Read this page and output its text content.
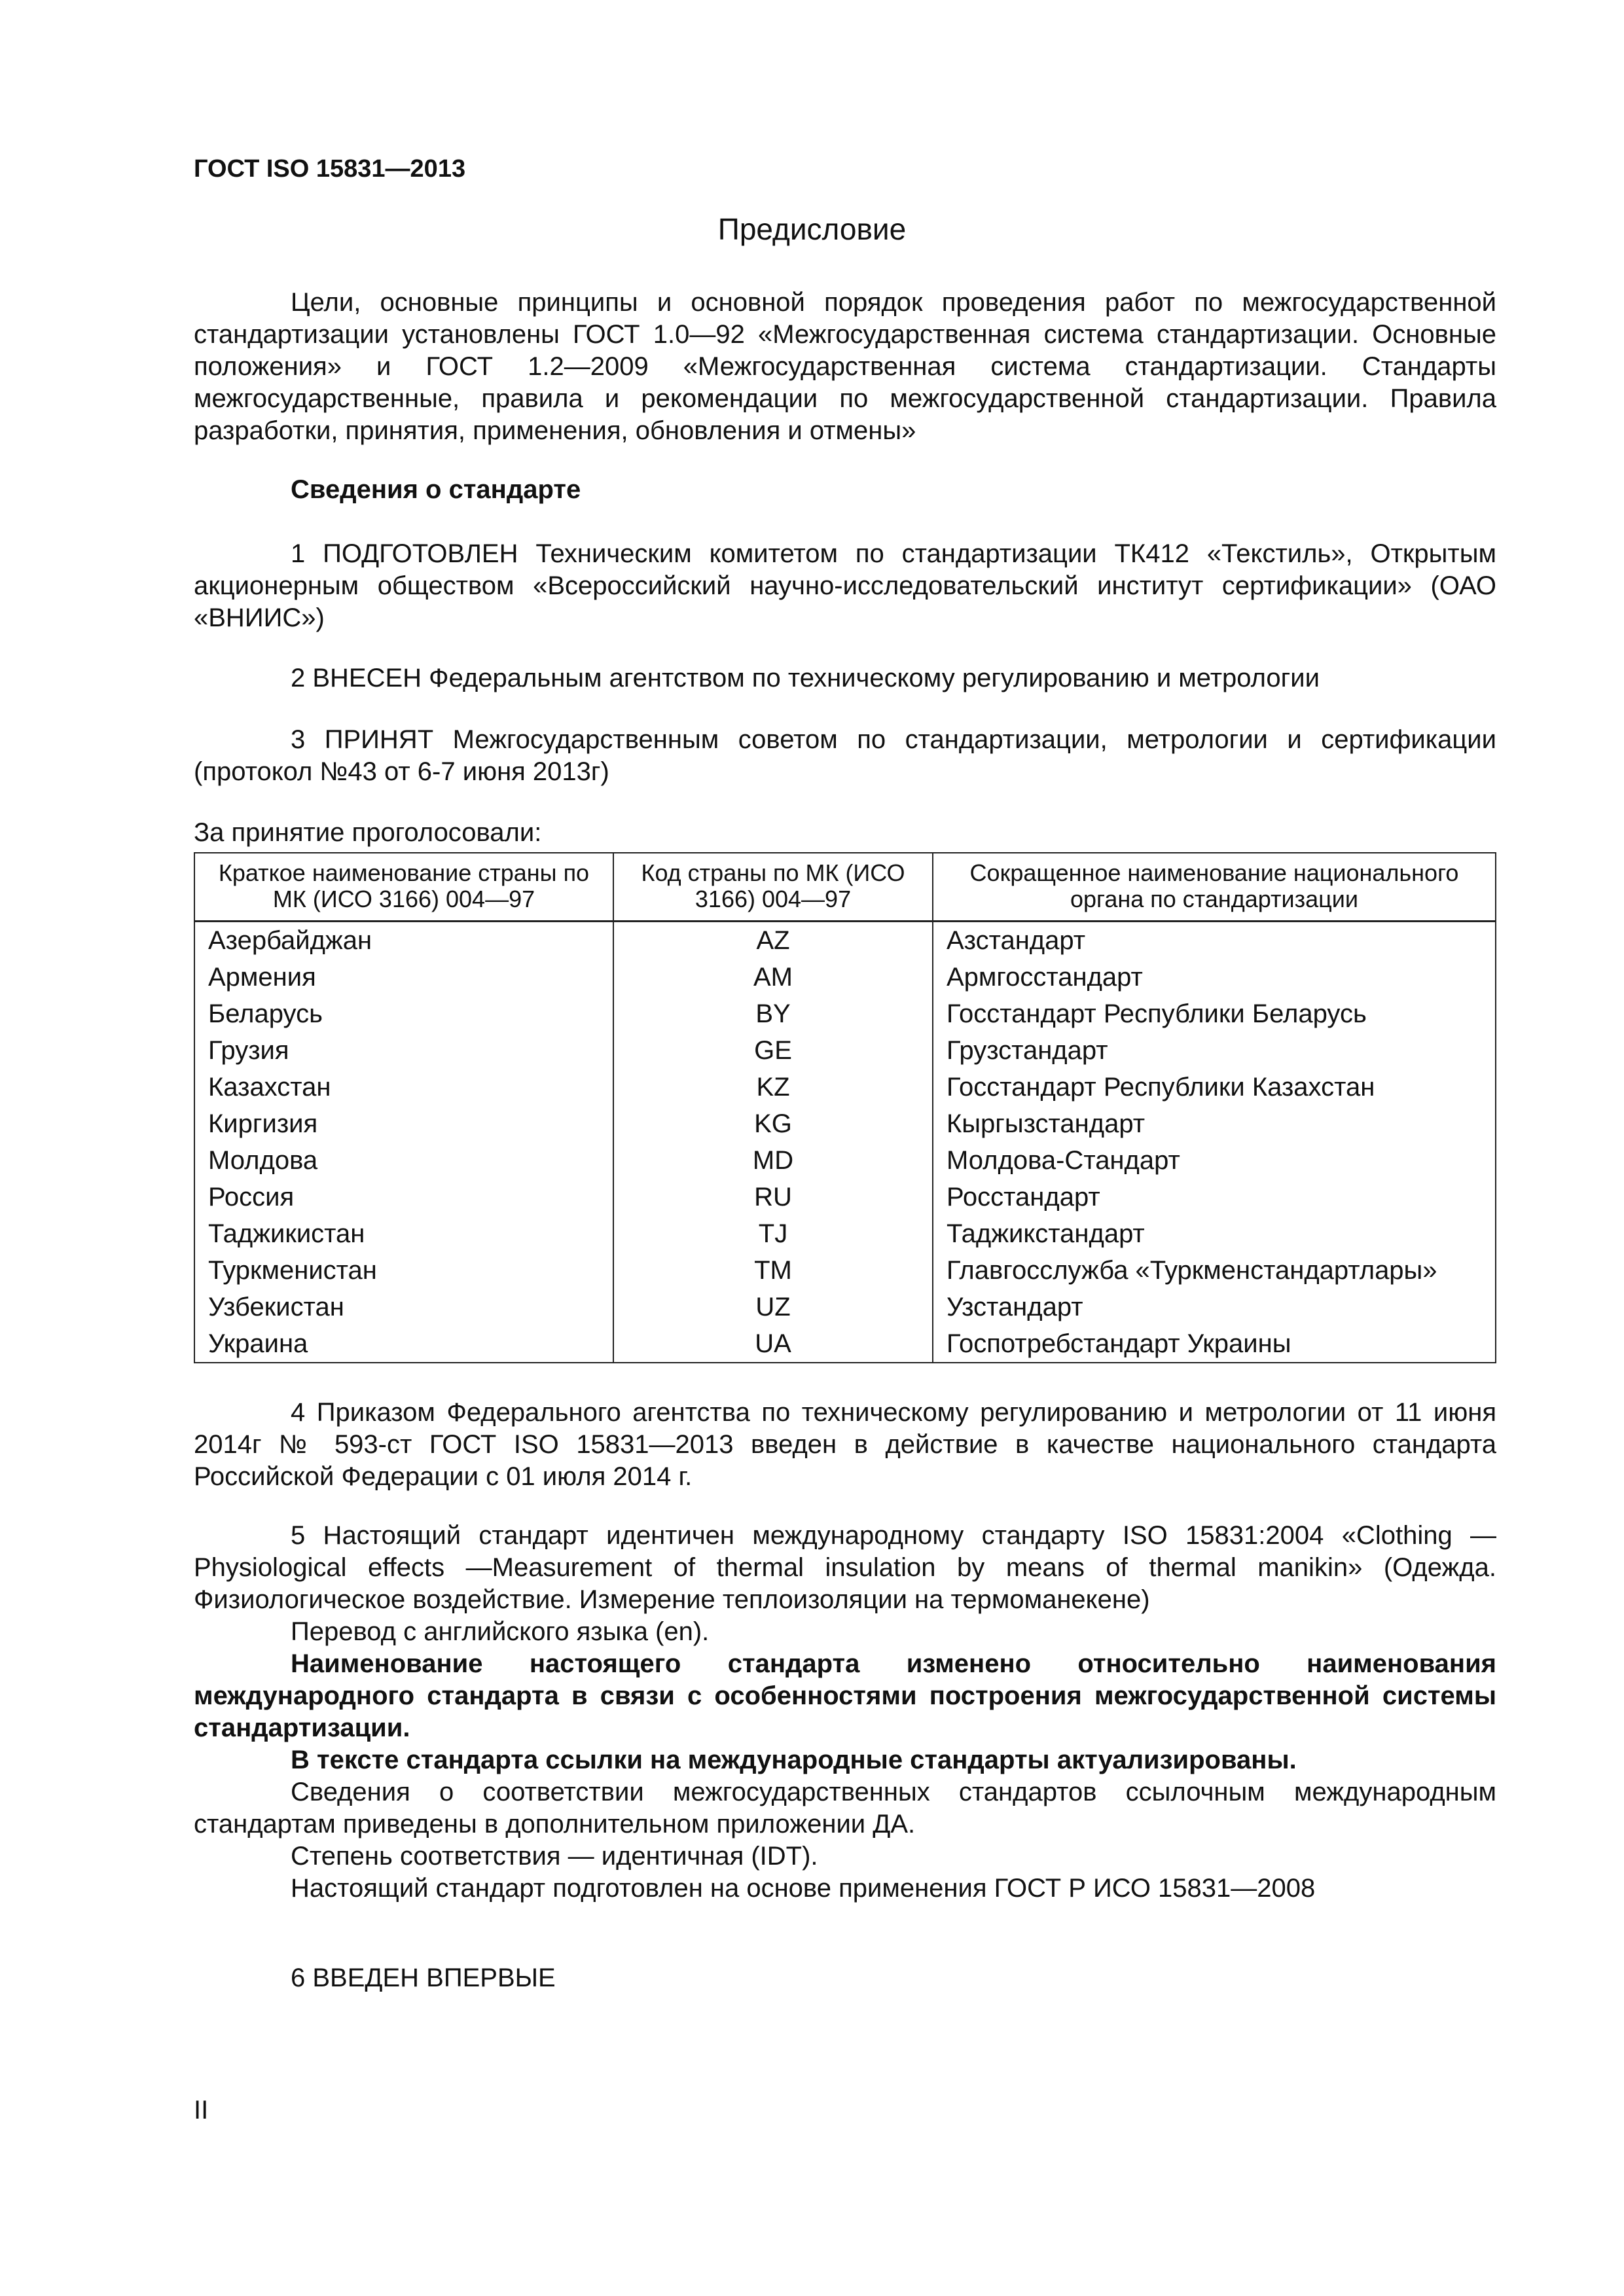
ГОСТ ISO 15831—2013
Предисловие
Цели, основные принципы и основной порядок проведения работ по межгосударственной стандартизации установлены ГОСТ 1.0—92 «Межгосударственная система стандартизации. Основные положения» и ГОСТ 1.2—2009 «Межгосударственная система стандартизации. Стандарты межгосударственные, правила и рекомендации по межгосударственной стандартизации. Правила разработки, принятия, применения, обновления и отмены»
Сведения о стандарте
1 ПОДГОТОВЛЕН Техническим комитетом по стандартизации ТК412 «Текстиль», Открытым акционерным обществом «Всероссийский научно-исследовательский институт сертификации» (ОАО «ВНИИС»)
2 ВНЕСЕН Федеральным агентством по техническому регулированию и метрологии
3 ПРИНЯТ Межгосударственным советом по стандартизации, метрологии и сертификации (протокол №43 от 6-7 июня 2013г)
За принятие проголосовали:
Краткое наименование страны по МК (ИСО 3166) 004—97	Код страны по МК (ИСО 3166) 004—97	Сокращенное наименование национального органа по стандартизации
Азербайджан	AZ	Азстандарт
Армения	AM	Армгосстандарт
Беларусь	BY	Госстандарт Республики Беларусь
Грузия	GE	Грузстандарт
Казахстан	KZ	Госстандарт Республики Казахстан
Киргизия	KG	Кыргызстандарт
Молдова	MD	Молдова-Стандарт
Россия	RU	Росстандарт
Таджикистан	TJ	Таджикстандарт
Туркменистан	TM	Главгосслужба «Туркменстандартлары»
Узбекистан	UZ	Узстандарт
Украина	UA	Госпотребстандарт Украины
4 Приказом Федерального агентства по техническому регулированию и метрологии от 11 июня 2014г № 593-ст ГОСТ ISO 15831—2013 введен в действие в качестве национального стандарта Российской Федерации с 01 июля 2014 г.
5 Настоящий стандарт идентичен международному стандарту ISO 15831:2004 «Clothing — Physiological effects —Measurement of thermal insulation by means of thermal manikin» (Одежда. Физиологическое воздействие. Измерение теплоизоляции на термоманекене)
Перевод с английского языка (en).
Наименование настоящего стандарта изменено относительно наименования международного стандарта в связи с особенностями построения межгосударственной системы стандартизации.
В тексте стандарта ссылки на международные стандарты актуализированы.
Сведения о соответствии межгосударственных стандартов ссылочным международным стандартам приведены в дополнительном приложении ДА.
Степень соответствия — идентичная (IDT).
Настоящий стандарт подготовлен на основе применения ГОСТ Р ИСО 15831—2008
6 ВВЕДЕН ВПЕРВЫЕ
II
